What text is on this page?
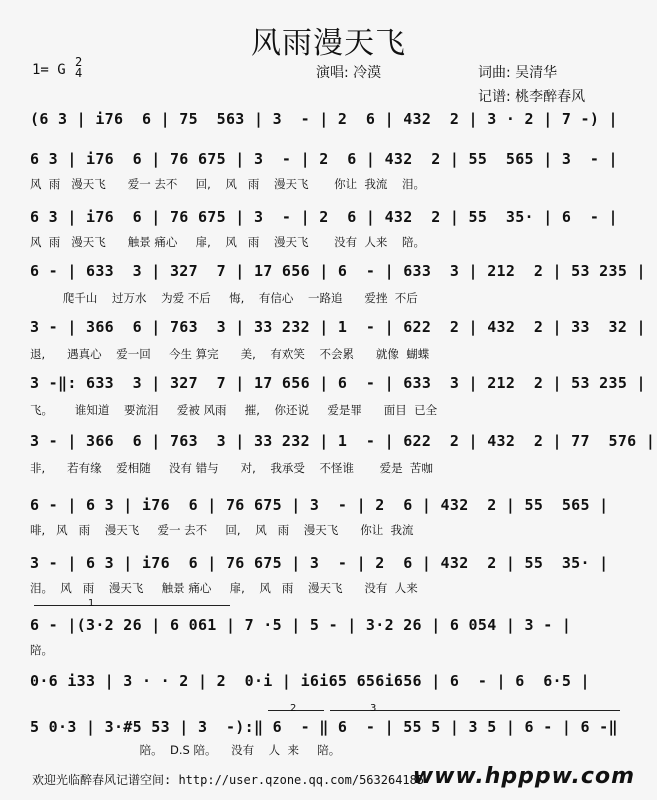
风雨漫天飞
1= G 2
4	演唱: 冷漠	词曲: 吴清华
记谱: 桃李醉春风
(6 3 | i76  6 | 75  563 | 3  - | 2  6 | 432  2 | 3 · 2 | 7 -) |
6 3 | i76  6 | 76 675 | 3  - | 2  6 | 432  2 | 55  565 | 3  - |
风  雨   漫天飞      爱一 去不     回,    风   雨    漫天飞       你让  我流    泪。
6 3 | i76  6 | 76 675 | 3  - | 2  6 | 432  2 | 55  35· | 6  - |
风  雨   漫天飞      触景 痛心     扉,    风   雨    漫天飞       没有  人来    陪。
6 - | 633  3 | 327  7 | 17 656 | 6  - | 633  3 | 212  2 | 53 235 |
爬千山    过万水    为爱 不后     悔,    有信心    一路追      爱挫  不后
3 - | 366  6 | 763  3 | 33 232 | 1  - | 622  2 | 432  2 | 33  32 |
退,      遇真心    爱一回     今生 算完      美,    有欢笑    不会累      就像  蝴蝶
3 -‖: 633  3 | 327  7 | 17 656 | 6  - | 633  3 | 212  2 | 53 235 |
飞。      谁知道    要流泪     爱被 风雨     摧,    你还说     爱是罪      面目  已全
3 - | 366  6 | 763  3 | 33 232 | 1  - | 622  2 | 432  2 | 77  576 |
非,      若有缘    爱相随     没有 错与      对,    我承受    不怪谁       爱是  苦咖
6 - | 6 3 | i76  6 | 76 675 | 3  - | 2  6 | 432  2 | 55  565 |
啡,   风   雨    漫天飞     爱一 去不     回,    风   雨    漫天飞      你让  我流
3 - | 6 3 | i76  6 | 76 675 | 3  - | 2  6 | 432  2 | 55  35· |
泪。  风   雨    漫天飞     触景 痛心     扉,    风   雨    漫天飞      没有  人来
1
6 - |(3·2 26 | 6 061 | 7 ·5 | 5 - | 3·2 26 | 6 054 | 3 - |
陪。
0·6 i33 | 3 · · 2 | 2  0·i | i6i65 656i656 | 6  - | 6  6·5 |
2	3
5 0·3 | 3·#5 53 | 3  -):‖ 6  - ‖ 6  - | 55 5 | 3 5 | 6 - | 6 -‖
陪。  D.S 陪。    没有    人  来     陪。
欢迎光临醉春风记谱空间: http://user.qzone.qq.com/563264185
www.hpppw.com
